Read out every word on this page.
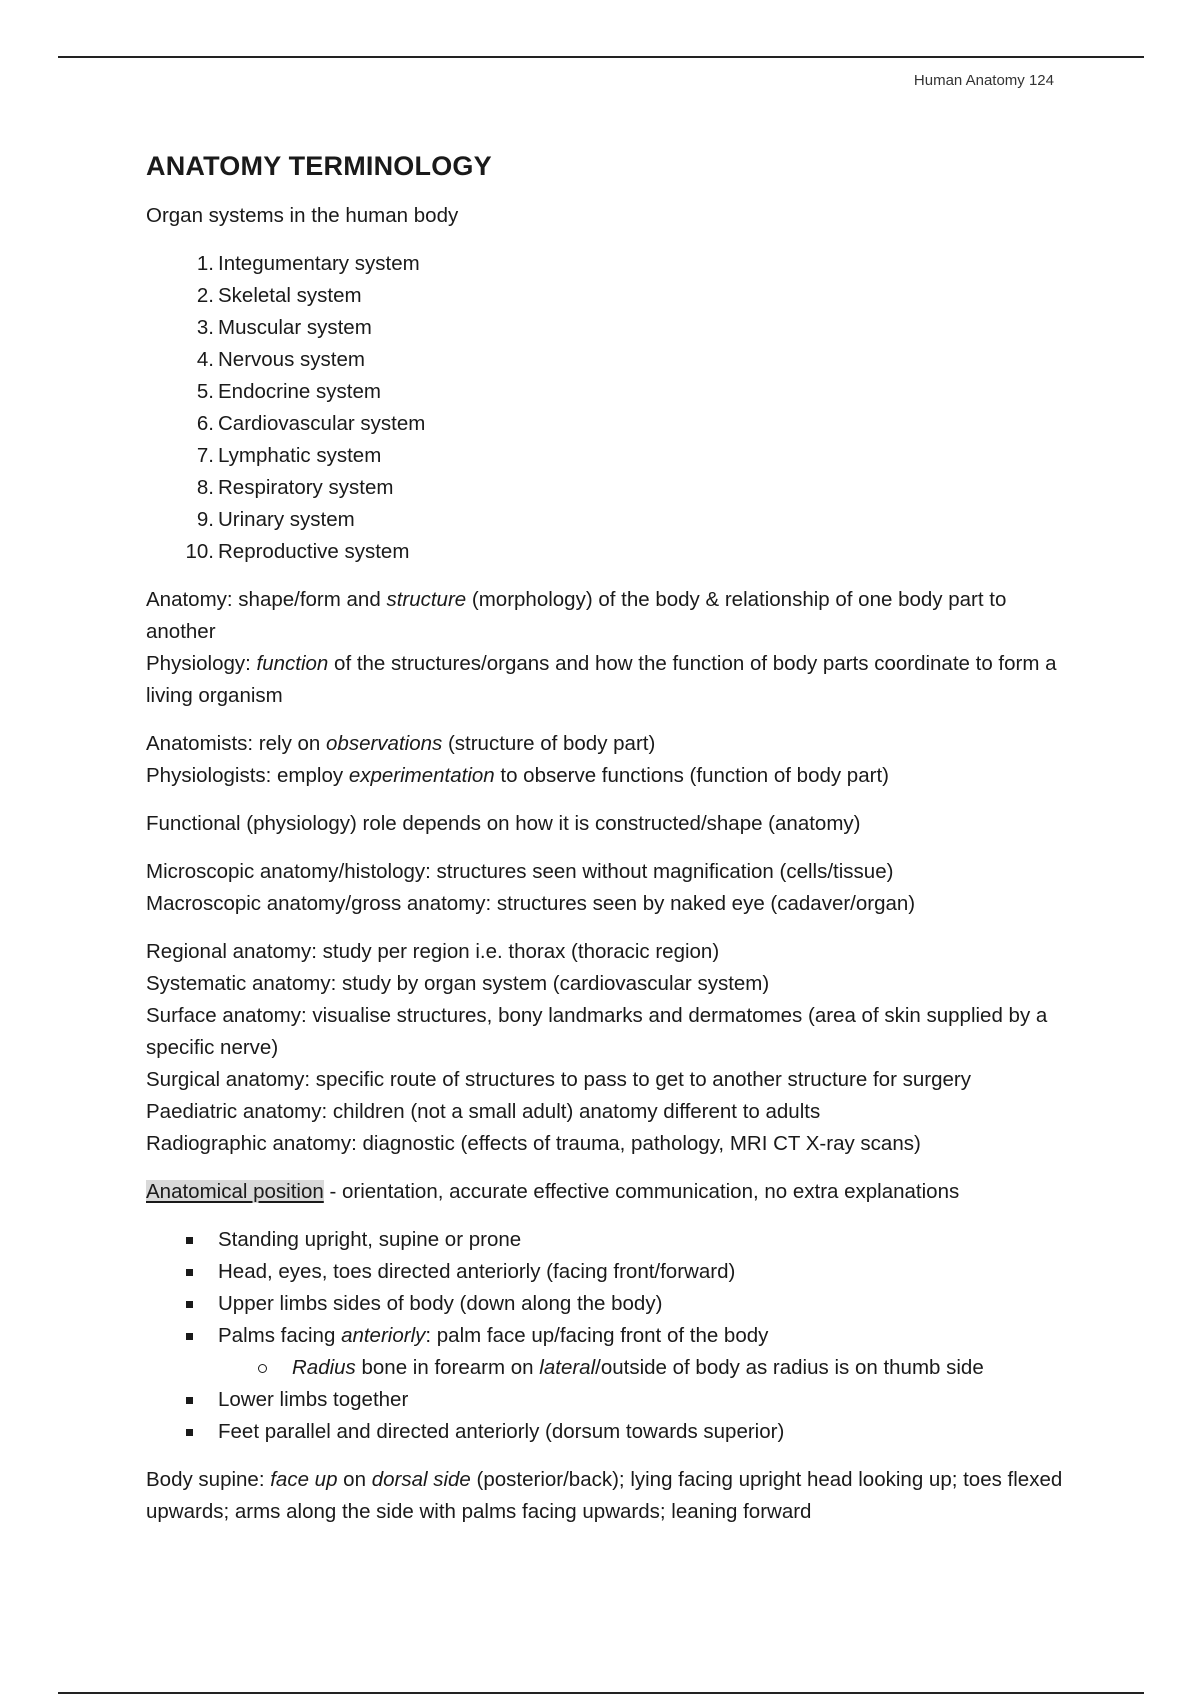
Human Anatomy 124
ANATOMY TERMINOLOGY

Organ systems in the human body

1. Integumentary system
2. Skeletal system
3. Muscular system
4. Nervous system
5. Endocrine system
6. Cardiovascular system
7. Lymphatic system
8. Respiratory system
9. Urinary system
10. Reproductive system

Anatomy: shape/form and structure (morphology) of the body & relationship of one body part to another

Physiology: function of the structures/organs and how the function of body parts coordinate to form a living organism

Anatomists: rely on observations (structure of body part)

Physiologists: employ experimentation to observe functions (function of body part)

Functional (physiology) role depends on how it is constructed/shape (anatomy)

Microscopic anatomy/histology: structures seen without magnification (cells/tissue)

Macroscopic anatomy/gross anatomy: structures seen by naked eye (cadaver/organ)

Regional anatomy: study per region i.e. thorax (thoracic region)

Systematic anatomy: study by organ system (cardiovascular system)

Surface anatomy: visualise structures, bony landmarks and dermatomes (area of skin supplied by a specific nerve)

Surgical anatomy: specific route of structures to pass to get to another structure for surgery

Paediatric anatomy: children (not a small adult) anatomy different to adults

Radiographic anatomy: diagnostic (effects of trauma, pathology, MRI CT X-ray scans)

Anatomical position - orientation, accurate effective communication, no extra explanations
Standing upright, supine or prone
Head, eyes, toes directed anteriorly (facing front/forward)
Upper limbs sides of body (down along the body)
Palms facing anteriorly: palm face up/facing front of the body
Radius bone in forearm on lateral/outside of body as radius is on thumb side
Lower limbs together
Feet parallel and directed anteriorly (dorsum towards superior)
Body supine: face up on dorsal side (posterior/back); lying facing upright head looking up; toes flexed upwards; arms along the side with palms facing upwards; leaning forward
